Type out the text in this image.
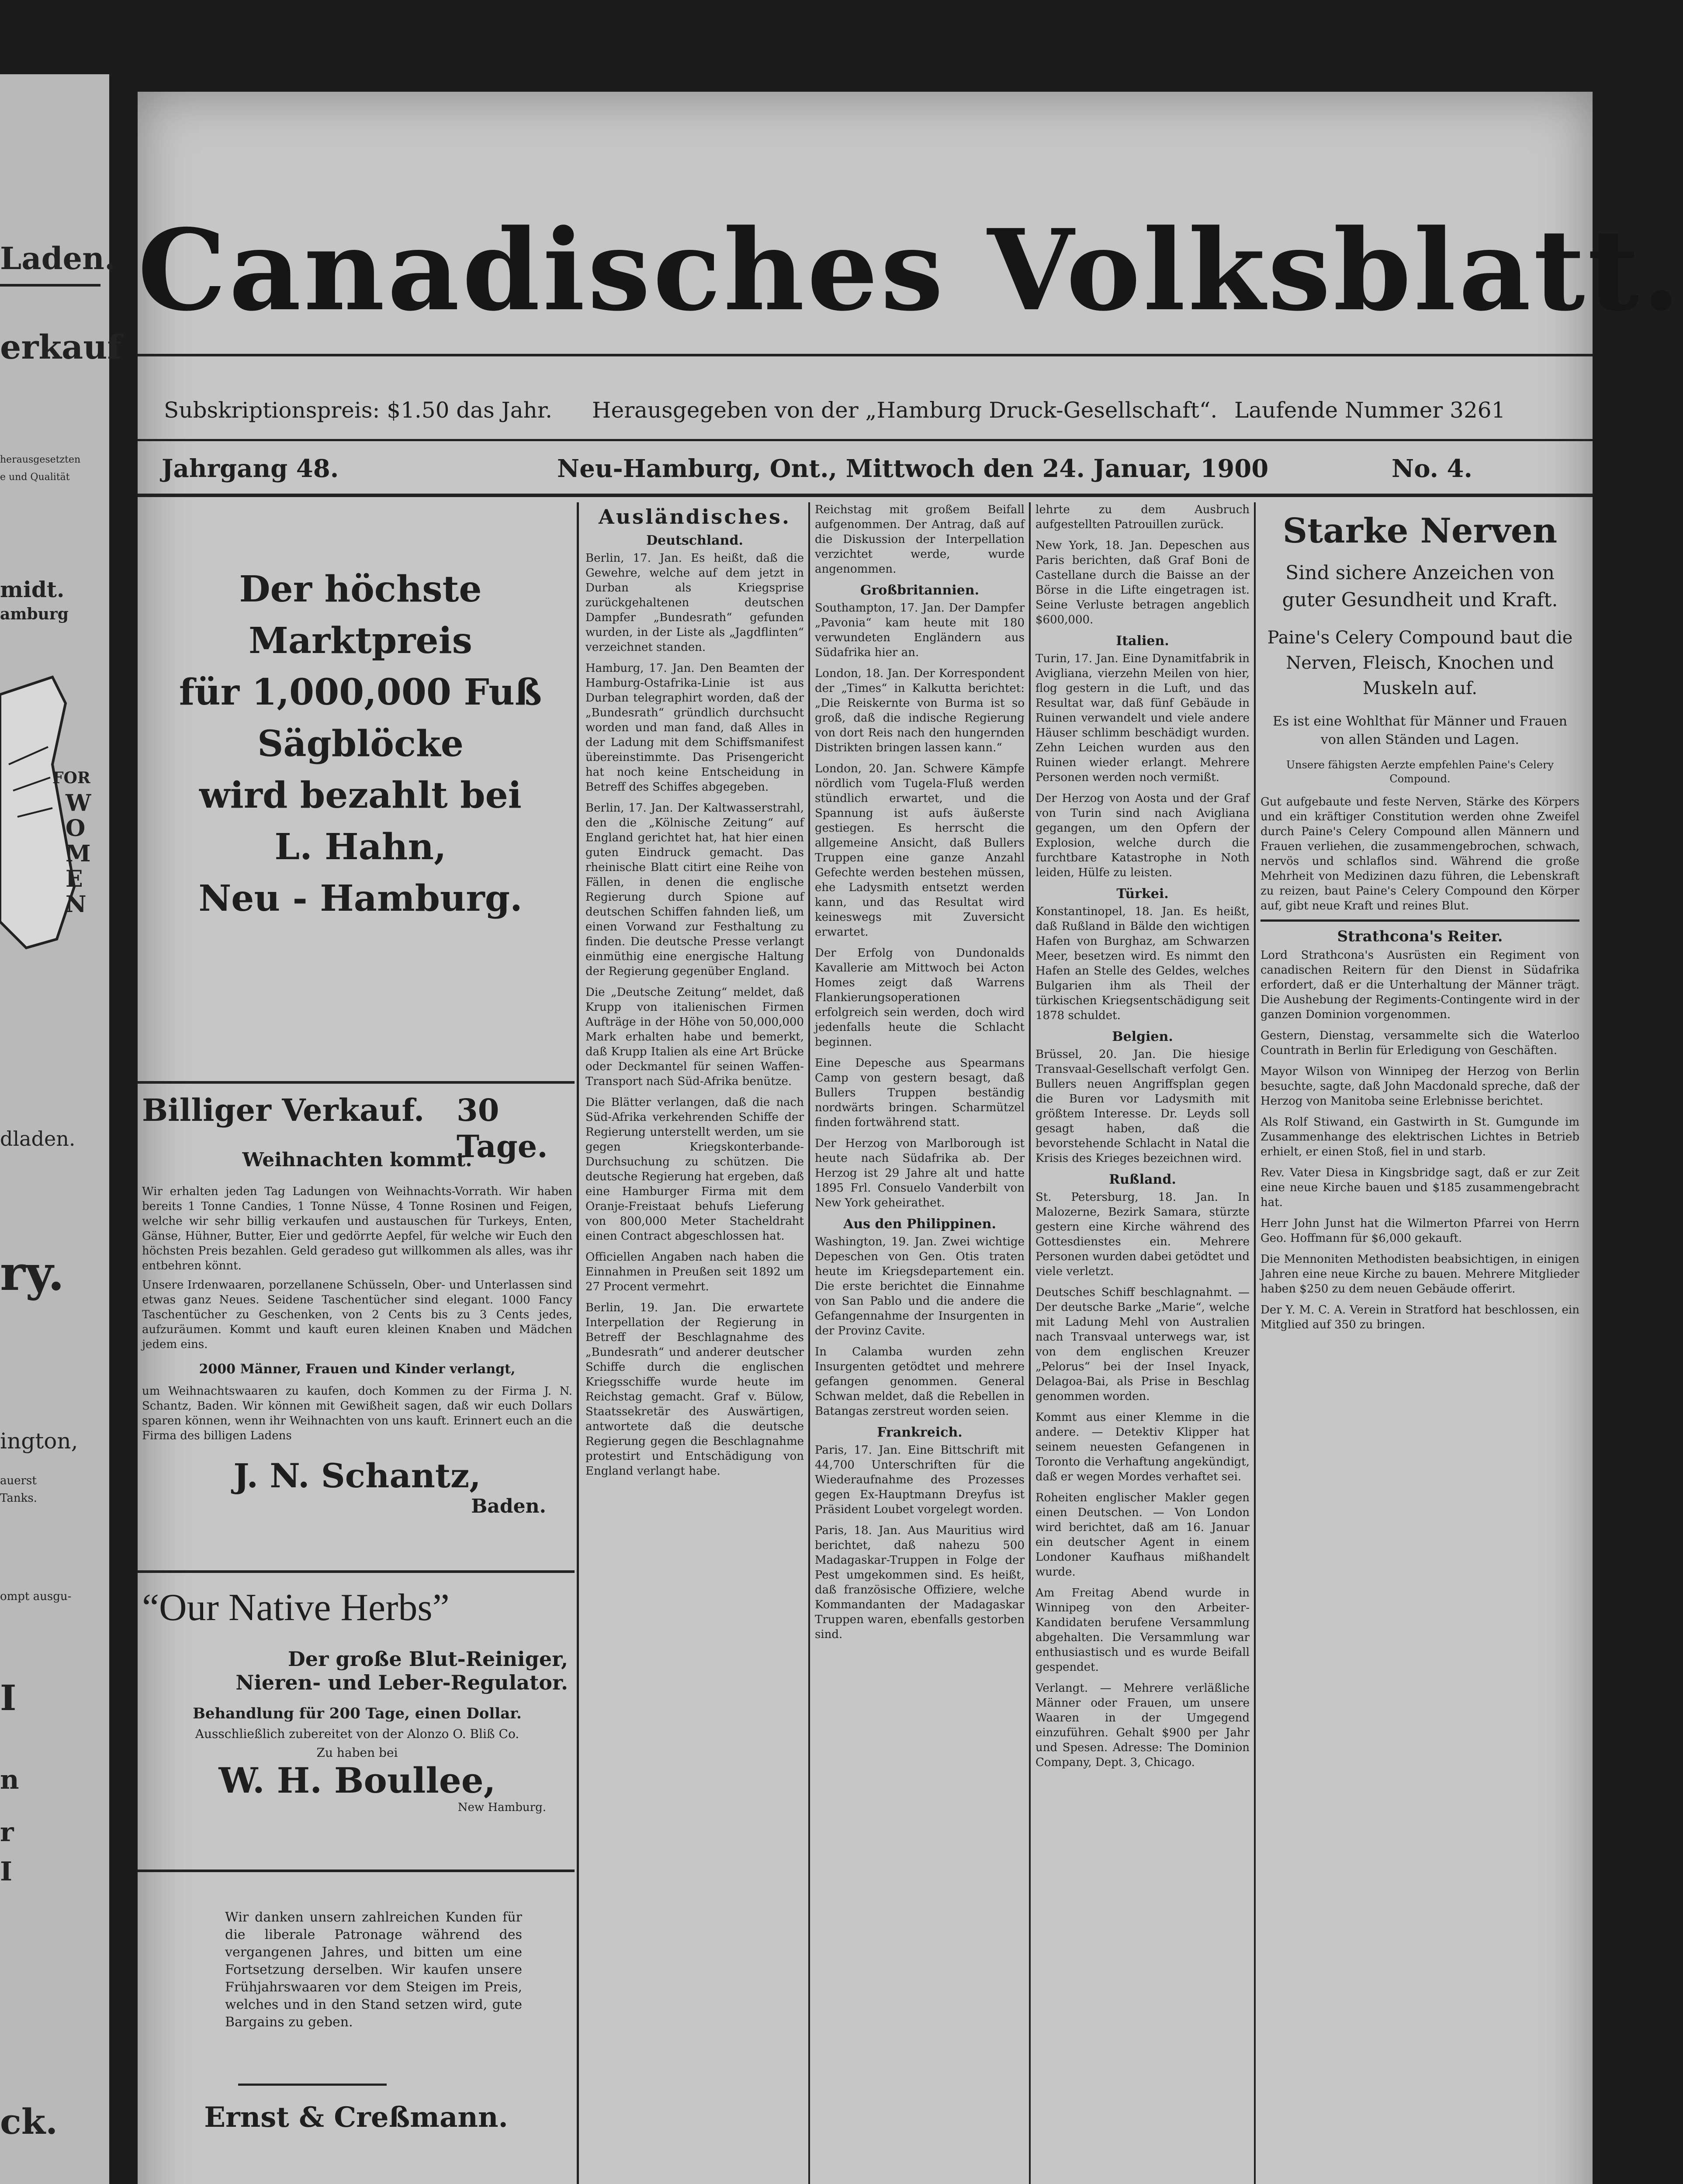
Laden.
erkauf
herausgesetzten
e und Qualität
midt.
amburg
FOR
WOMEN
dladen.
ry.
ington,
auerst
Tanks.
ompt ausgu-
I
n
r
I
ck.
Canadisches Volksblatt.
Subskriptionspreis: $1.50 das Jahr. Herausgegeben von der „Hamburg Druck-Gesellschaft“. Laufende Nummer 3261
Jahrgang 48.	Neu-Hamburg, Ont., Mittwoch den 24. Januar, 1900	No. 4.
Der höchste Marktpreis
für 1,000,000 Fuß
Sägblöcke
wird bezahlt bei
L. Hahn,
Neu - Hamburg.
Billiger Verkauf. 30 Tage.
Weihnachten kommt.

Wir erhalten jeden Tag Ladungen von Weihnachts-Vorrath. Wir haben bereits 1 Tonne Candies, 1 Tonne Nüsse, 4 Tonne Rosinen und Feigen, welche wir sehr billig verkaufen und austauschen für Turkeys, Enten, Gänse, Hühner, Butter, Eier und gedörrte Aepfel, für welche wir Euch den höchsten Preis bezahlen. Geld geradeso gut willkommen als alles, was ihr entbehren könnt.

Unsere Irdenwaaren, porzellanene Schüsseln, Ober- und Unterlassen sind etwas ganz Neues. Seidene Taschentücher sind elegant. 1000 Fancy Taschentücher zu Geschenken, von 2 Cents bis zu 3 Cents jedes, aufzuräumen. Kommt und kauft euren kleinen Knaben und Mädchen jedem eins.

2000 Männer, Frauen und Kinder verlangt,

um Weihnachtswaaren zu kaufen, doch Kommen zu der Firma J. N. Schantz, Baden. Wir können mit Gewißheit sagen, daß wir euch Dollars sparen können, wenn ihr Weihnachten von uns kauft. Erinnert euch an die Firma des billigen Ladens

J. N. Schantz,
Baden.
“Our Native Herbs”
Der große Blut-Reiniger,
Nieren- und Leber-Regulator.
Behandlung für 200 Tage, einen Dollar.
Ausschließlich zubereitet von der Alonzo O. Bliß Co.
Zu haben bei
W. H. Boullee,
New Hamburg.

Wir danken unsern zahlreichen Kunden für die liberale Patronage während des vergangenen Jahres, und bitten um eine Fortsetzung derselben. Wir kaufen unsere Frühjahrswaaren vor dem Steigen im Preis, welches und in den Stand setzen wird, gute Bargains zu geben.

Ernst & Creßmann.
Ausländisches.
Deutschland.

Berlin, 17. Jan. Es heißt, daß die Gewehre, welche auf dem jetzt in Durban als Kriegsprise zurückgehaltenen deutschen Dampfer „Bundesrath“ gefunden wurden, in der Liste als „Jagdflinten“ verzeichnet standen.

Hamburg, 17. Jan. Den Beamten der Hamburg-Ostafrika-Linie ist aus Durban telegraphirt worden, daß der „Bundesrath“ gründlich durchsucht worden und man fand, daß Alles in der Ladung mit dem Schiffsmanifest übereinstimmte. Das Prisengericht hat noch keine Entscheidung in Betreff des Schiffes abgegeben.

Berlin, 17. Jan. Der Kaltwasserstrahl, den die „Kölnische Zeitung“ auf England gerichtet hat, hat hier einen guten Eindruck gemacht. Das rheinische Blatt citirt eine Reihe von Fällen, in denen die englische Regierung durch Spione auf deutschen Schiffen fahnden ließ, um einen Vorwand zur Festhaltung zu finden. Die deutsche Presse verlangt einmüthig eine energische Haltung der Regierung gegenüber England.

Die „Deutsche Zeitung“ meldet, daß Krupp von italienischen Firmen Aufträge in der Höhe von 50,000,000 Mark erhalten habe und bemerkt, daß Krupp Italien als eine Art Brücke oder Deckmantel für seinen Waffen-Transport nach Süd-Afrika benütze.

Die Blätter verlangen, daß die nach Süd-Afrika verkehrenden Schiffe der Regierung unterstellt werden, um sie gegen Kriegskonterbande-Durchsuchung zu schützen. Die deutsche Regierung hat ergeben, daß eine Hamburger Firma mit dem Oranje-Freistaat behufs Lieferung von 800,000 Meter Stacheldraht einen Contract abgeschlossen hat.

Officiellen Angaben nach haben die Einnahmen in Preußen seit 1892 um 27 Procent vermehrt.

Berlin, 19. Jan. Die erwartete Interpellation der Regierung in Betreff der Beschlagnahme des „Bundesrath“ und anderer deutscher Schiffe durch die englischen Kriegsschiffe wurde heute im Reichstag gemacht. Graf v. Bülow, Staatssekretär des Auswärtigen, antwortete daß die deutsche Regierung gegen die Beschlagnahme protestirt und Entschädigung von England verlangt habe.

Reichstag mit großem Beifall aufgenommen. Der Antrag, daß auf die Diskussion der Interpellation verzichtet werde, wurde angenommen.

Großbritannien.

Southampton, 17. Jan. Der Dampfer „Pavonia“ kam heute mit 180 verwundeten Engländern aus Südafrika hier an.

London, 18. Jan. Der Korrespondent der „Times“ in Kalkutta berichtet: „Die Reiskernte von Burma ist so groß, daß die indische Regierung von dort Reis nach den hungernden Distrikten bringen lassen kann.“

London, 20. Jan. Schwere Kämpfe nördlich vom Tugela-Fluß werden stündlich erwartet, und die Spannung ist aufs äußerste gestiegen. Es herrscht die allgemeine Ansicht, daß Bullers Truppen eine ganze Anzahl Gefechte werden bestehen müssen, ehe Ladysmith entsetzt werden kann, und das Resultat wird keineswegs mit Zuversicht erwartet.

Der Erfolg von Dundonalds Kavallerie am Mittwoch bei Acton Homes zeigt daß Warrens Flankierungsoperationen erfolgreich sein werden, doch wird jedenfalls heute die Schlacht beginnen.

Eine Depesche aus Spearmans Camp von gestern besagt, daß Bullers Truppen beständig nordwärts bringen. Scharmützel finden fortwährend statt.

Der Herzog von Marlborough ist heute nach Südafrika ab. Der Herzog ist 29 Jahre alt und hatte 1895 Frl. Consuelo Vanderbilt von New York geheirathet.

Aus den Philippinen.

Washington, 19. Jan. Zwei wichtige Depeschen von Gen. Otis traten heute im Kriegsdepartement ein. Die erste berichtet die Einnahme von San Pablo und die andere die Gefangennahme der Insurgenten in der Provinz Cavite.

In Calamba wurden zehn Insurgenten getödtet und mehrere gefangen genommen. General Schwan meldet, daß die Rebellen in Batangas zerstreut worden seien.

Frankreich.

Paris, 17. Jan. Eine Bittschrift mit 44,700 Unterschriften für die Wiederaufnahme des Prozesses gegen Ex-Hauptmann Dreyfus ist Präsident Loubet vorgelegt worden.

Paris, 18. Jan. Aus Mauritius wird berichtet, daß nahezu 500 Madagaskar-Truppen in Folge der Pest umgekommen sind. Es heißt, daß französische Offiziere, welche Kommandanten der Madagaskar Truppen waren, ebenfalls gestorben sind.

lehrte zu dem Ausbruch aufgestellten Patrouillen zurück.

New York, 18. Jan. Depeschen aus Paris berichten, daß Graf Boni de Castellane durch die Baisse an der Börse in die Lifte eingetragen ist. Seine Verluste betragen angeblich $600,000.

Italien.

Turin, 17. Jan. Eine Dynamitfabrik in Avigliana, vierzehn Meilen von hier, flog gestern in die Luft, und das Resultat war, daß fünf Gebäude in Ruinen verwandelt und viele andere Häuser schlimm beschädigt wurden. Zehn Leichen wurden aus den Ruinen wieder erlangt. Mehrere Personen werden noch vermißt.

Der Herzog von Aosta und der Graf von Turin sind nach Avigliana gegangen, um den Opfern der Explosion, welche durch die furchtbare Katastrophe in Noth leiden, Hülfe zu leisten.

Türkei.

Konstantinopel, 18. Jan. Es heißt, daß Rußland in Bälde den wichtigen Hafen von Burghaz, am Schwarzen Meer, besetzen wird. Es nimmt den Hafen an Stelle des Geldes, welches Bulgarien ihm als Theil der türkischen Kriegsentschädigung seit 1878 schuldet.

Belgien.

Brüssel, 20. Jan. Die hiesige Transvaal-Gesellschaft verfolgt Gen. Bullers neuen Angriffsplan gegen die Buren vor Ladysmith mit größtem Interesse. Dr. Leyds soll gesagt haben, daß die bevorstehende Schlacht in Natal die Krisis des Krieges bezeichnen wird.

Rußland.

St. Petersburg, 18. Jan. In Malozerne, Bezirk Samara, stürzte gestern eine Kirche während des Gottesdienstes ein. Mehrere Personen wurden dabei getödtet und viele verletzt.

Deutsches Schiff beschlagnahmt. — Der deutsche Barke „Marie“, welche mit Ladung Mehl von Australien nach Transvaal unterwegs war, ist von dem englischen Kreuzer „Pelorus“ bei der Insel Inyack, Delagoa-Bai, als Prise in Beschlag genommen worden.

Kommt aus einer Klemme in die andere. — Detektiv Klipper hat seinem neuesten Gefangenen in Toronto die Verhaftung angekündigt, daß er wegen Mordes verhaftet sei.

Roheiten englischer Makler gegen einen Deutschen. — Von London wird berichtet, daß am 16. Januar ein deutscher Agent in einem Londoner Kaufhaus mißhandelt wurde.

Am Freitag Abend wurde in Winnipeg von den Arbeiter-Kandidaten berufene Versammlung abgehalten. Die Versammlung war enthusiastisch und es wurde Beifall gespendet.

Verlangt. — Mehrere verläßliche Männer oder Frauen, um unsere Waaren in der Umgegend einzuführen. Gehalt $900 per Jahr und Spesen. Adresse: The Dominion Company, Dept. 3, Chicago.

Starke Nerven
Sind sichere Anzeichen von guter Gesundheit und Kraft.
Paine's Celery Compound baut die Nerven, Fleisch, Knochen und Muskeln auf.
Es ist eine Wohlthat für Männer und Frauen von allen Ständen und Lagen.
Unsere fähigsten Aerzte empfehlen Paine's Celery Compound.

Gut aufgebaute und feste Nerven, Stärke des Körpers und ein kräftiger Constitution werden ohne Zweifel durch Paine's Celery Compound allen Männern und Frauen verliehen, die zusammengebrochen, schwach, nervös und schlaflos sind. Während die große Mehrheit von Medizinen dazu führen, die Lebenskraft zu reizen, baut Paine's Celery Compound den Körper auf, gibt neue Kraft und reines Blut.

Strathcona's Reiter.

Lord Strathcona's Ausrüsten ein Regiment von canadischen Reitern für den Dienst in Südafrika erfordert, daß er die Unterhaltung der Männer trägt. Die Aushebung der Regiments-Contingente wird in der ganzen Dominion vorgenommen.

Gestern, Dienstag, versammelte sich die Waterloo Countrath in Berlin für Erledigung von Geschäften.

Mayor Wilson von Winnipeg der Herzog von Berlin besuchte, sagte, daß John Macdonald spreche, daß der Herzog von Manitoba seine Erlebnisse berichtet.

Als Rolf Stiwand, ein Gastwirth in St. Gumgunde im Zusammenhange des elektrischen Lichtes in Betrieb erhielt, er einen Stoß, fiel in und starb.

Rev. Vater Diesa in Kingsbridge sagt, daß er zur Zeit eine neue Kirche bauen und $185 zusammengebracht hat.

Herr John Junst hat die Wilmerton Pfarrei von Herrn Geo. Hoffmann für $6,000 gekauft.

Die Mennoniten Methodisten beabsichtigen, in einigen Jahren eine neue Kirche zu bauen. Mehrere Mitglieder haben $250 zu dem neuen Gebäude offerirt.

Der Y. M. C. A. Verein in Stratford hat beschlossen, ein Mitglied auf 350 zu bringen.
